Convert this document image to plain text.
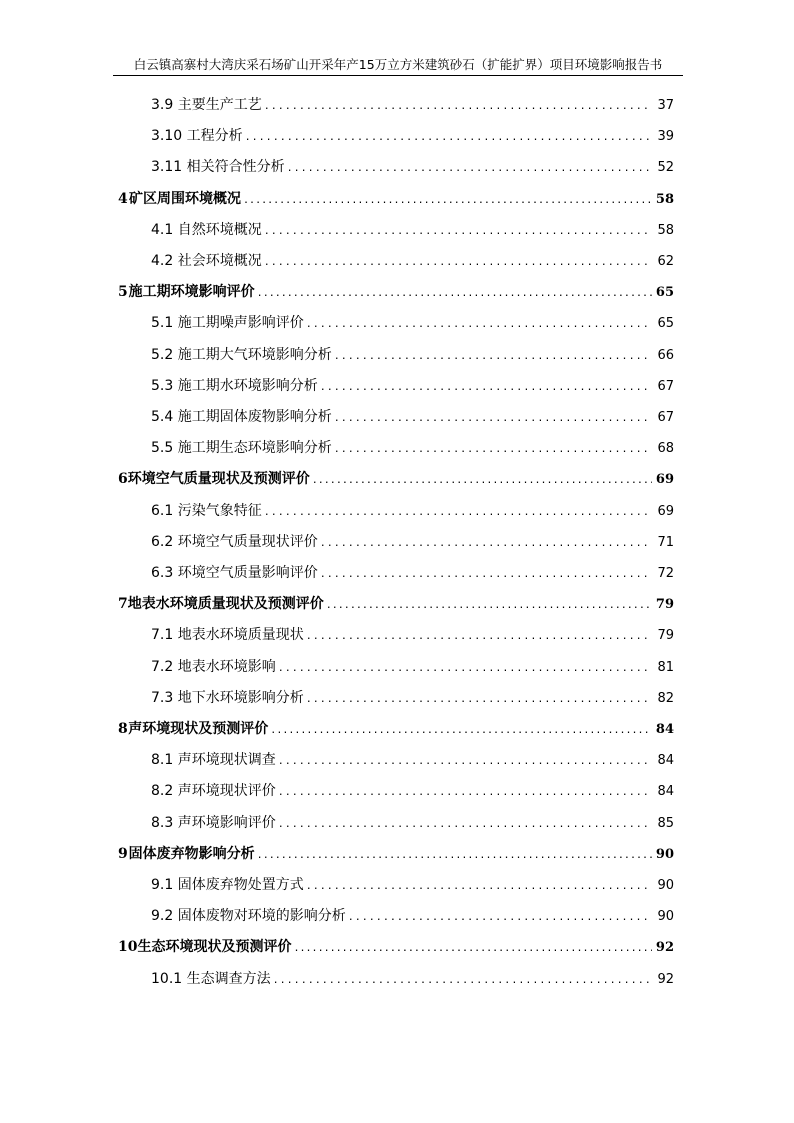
白云镇高寨村大湾庆采石场矿山开采年产15万立方米建筑砂石（扩能扩界）项目环境影响报告书
3.9 主要生产工艺 .....	37
3.10 工程分析 .....	39
3.11 相关符合性分析 .....	52
4 矿区周围环境概况 .....	58
4.1 自然环境概况 .....	58
4.2 社会环境概况 .....	62
5 施工期环境影响评价 .....	65
5.1 施工期噪声影响评价 .....	65
5.2 施工期大气环境影响分析 .....	66
5.3 施工期水环境影响分析 .....	67
5.4 施工期固体废物影响分析 .....	67
5.5 施工期生态环境影响分析 .....	68
6 环境空气质量现状及预测评价 .....	69
6.1 污染气象特征 .....	69
6.2 环境空气质量现状评价 .....	71
6.3 环境空气质量影响评价 .....	72
7 地表水环境质量现状及预测评价 .....	79
7.1 地表水环境质量现状 .....	79
7.2 地表水环境影响 .....	81
7.3 地下水环境影响分析 .....	82
8 声环境现状及预测评价 .....	84
8.1 声环境现状调查 .....	84
8.2 声环境现状评价 .....	84
8.3 声环境影响评价 .....	85
9 固体废弃物影响分析 .....	90
9.1 固体废弃物处置方式 .....	90
9.2 固体废物对环境的影响分析 .....	90
10 生态环境现状及预测评价 .....	92
10.1 生态调查方法 .....	92
